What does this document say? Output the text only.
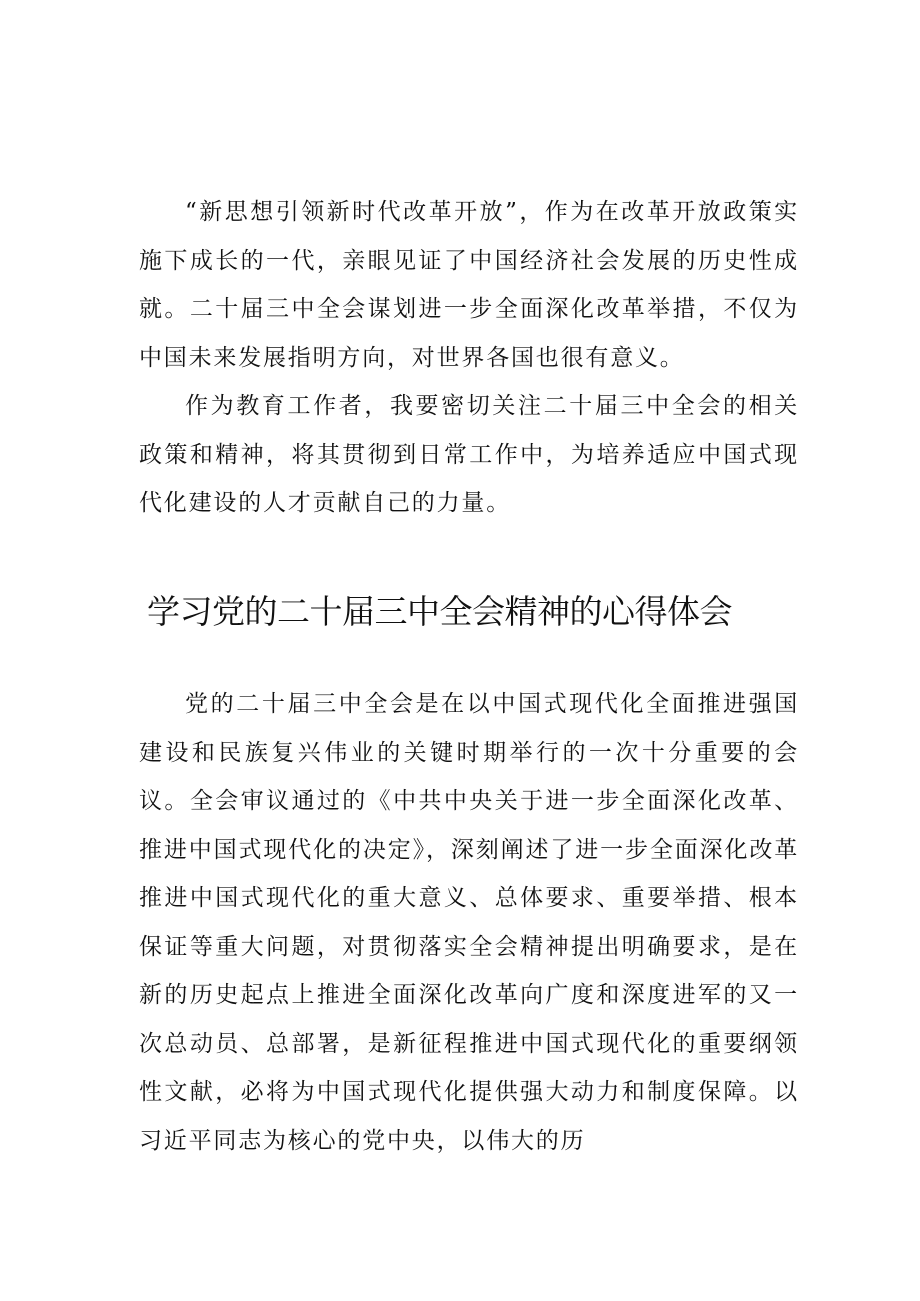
“新思想引领新时代改革开放”，作为在改革开放政策实施下成长的一代，亲眼见证了中国经济社会发展的历史性成就。二十届三中全会谋划进一步全面深化改革举措，不仅为中国未来发展指明方向，对世界各国也很有意义。

作为教育工作者，我要密切关注二十届三中全会的相关政策和精神，将其贯彻到日常工作中，为培养适应中国式现代化建设的人才贡献自己的力量。

学习党的二十届三中全会精神的心得体会

党的二十届三中全会是在以中国式现代化全面推进强国建设和民族复兴伟业的关键时期举行的一次十分重要的会议。全会审议通过的《中共中央关于进一步全面深化改革、推进中国式现代化的决定》，深刻阐述了进一步全面深化改革推进中国式现代化的重大意义、总体要求、重要举措、根本保证等重大问题，对贯彻落实全会精神提出明确要求，是在新的历史起点上推进全面深化改革向广度和深度进军的又一次总动员、总部署，是新征程推进中国式现代化的重要纲领性文献，必将为中国式现代化提供强大动力和制度保障。以习近平同志为核心的党中央，以伟大的历
